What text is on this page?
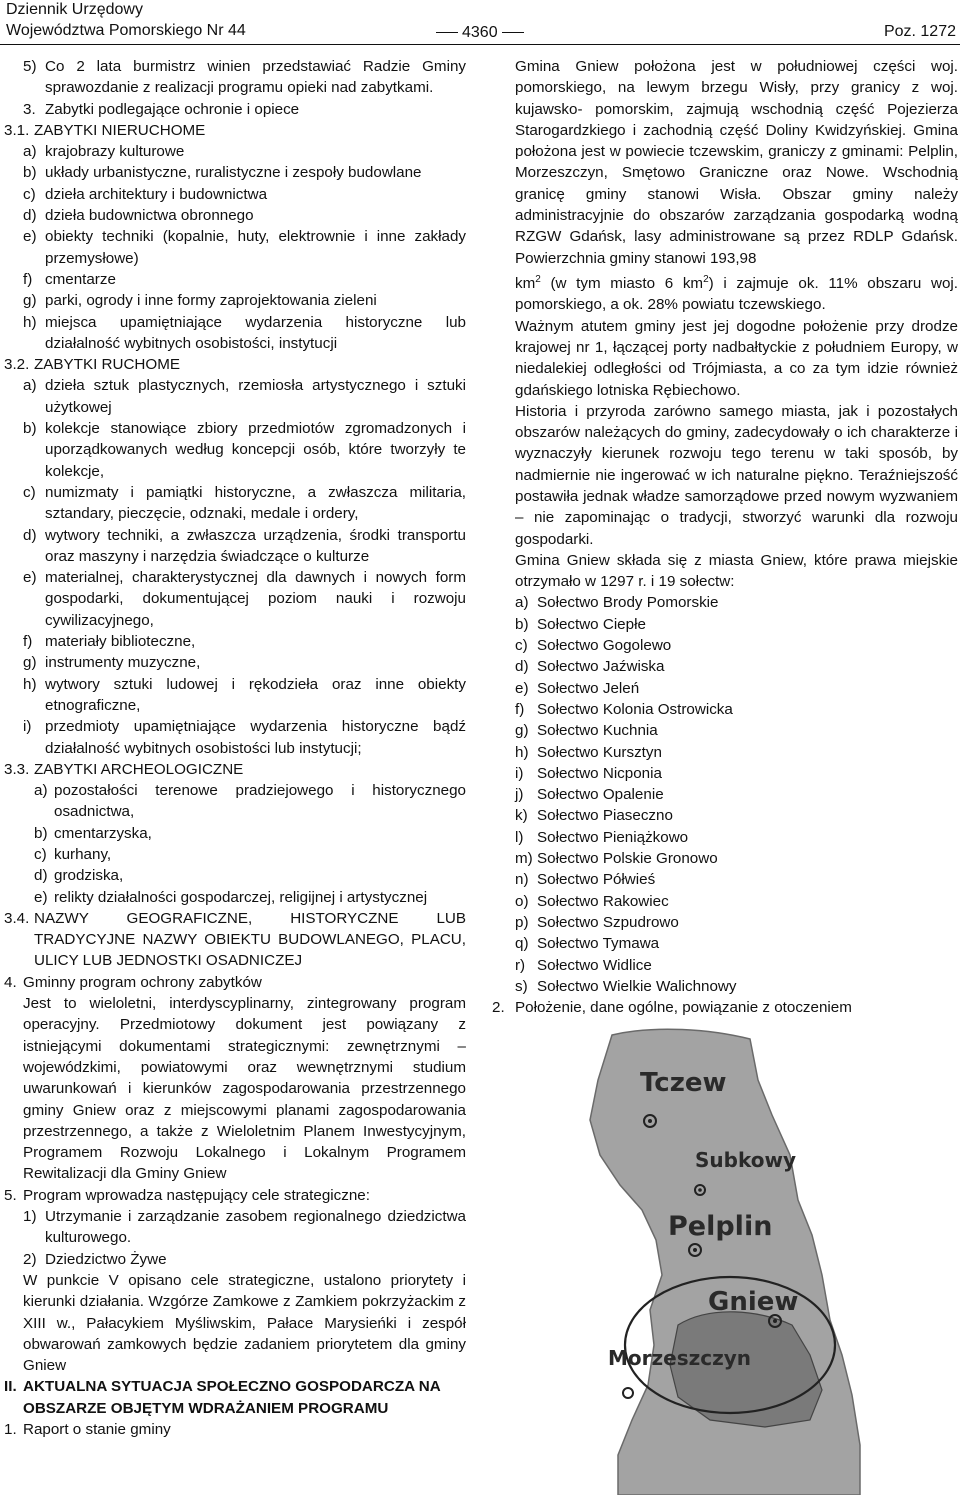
Dziennik Urzędowy
Województwa Pomorskiego Nr 44	4360	Poz. 1272
5) Co 2 lata burmistrz winien przedstawiać Radzie Gminy sprawozdanie z realizacji programu opieki nad zabytkami.
3. Zabytki podlegające ochronie i opiece
3.1. ZABYTKI NIERUCHOME
a) krajobrazy kulturowe
b) układy urbanistyczne, ruralistyczne i zespoły budowlane
c) dzieła architektury i budownictwa
d) dzieła budownictwa obronnego
e) obiekty techniki (kopalnie, huty, elektrownie i inne zakłady przemysłowe)
f) cmentarze
g) parki, ogrody i inne formy zaprojektowania zieleni
h) miejsca upamiętniające wydarzenia historyczne lub działalność wybitnych osobistości, instytucji
3.2. ZABYTKI RUCHOME
a) dzieła sztuk plastycznych, rzemiosła artystycznego i sztuki użytkowej
b) kolekcje stanowiące zbiory przedmiotów zgromadzonych i uporządkowanych według koncepcji osób, które tworzyły te kolekcje,
c) numizmaty i pamiątki historyczne, a zwłaszcza militaria, sztandary, pieczęcie, odznaki, medale i ordery,
d) wytwory techniki, a zwłaszcza urządzenia, środki transportu oraz maszyny i narzędzia świadczące o kulturze
e) materialnej, charakterystycznej dla dawnych i nowych form gospodarki, dokumentującej poziom nauki i rozwoju cywilizacyjnego,
f) materiały biblioteczne,
g) instrumenty muzyczne,
h) wytwory sztuki ludowej i rękodzieła oraz inne obiekty etnograficzne,
i) przedmioty upamiętniające wydarzenia historyczne bądź działalność wybitnych osobistości lub instytucji;
3.3. ZABYTKI ARCHEOLOGICZNE
a) pozostałości terenowe pradziejowego i historycznego osadnictwa,
b) cmentarzyska,
c) kurhany,
d) grodziska,
e) relikty działalności gospodarczej, religijnej i artystycznej
3.4. NAZWY GEOGRAFICZNE, HISTORYCZNE LUB TRADYCYJNE NAZWY OBIEKTU BUDOWLANEGO, PLACU, ULICY LUB JEDNOSTKI OSADNICZEJ
4. Gminny program ochrony zabytków
Jest to wieloletni, interdyscyplinarny, zintegrowany program operacyjny. Przedmiotowy dokument jest powiązany z istniejącymi dokumentami strategicznymi: zewnętrznymi – wojewódzkimi, powiatowymi oraz wewnętrznymi studium uwarunkowań i kierunków zagospodarowania przestrzennego gminy Gniew oraz z miejscowymi planami zagospodarowania przestrzennego, a także z Wieloletnim Planem Inwestycyjnym, Programem Rozwoju Lokalnego i Lokalnym Programem Rewitalizacji dla Gminy Gniew
5. Program wprowadza następujący cele strategiczne:
1) Utrzymanie i zarządzanie zasobem regionalnego dziedzictwa kulturowego.
2) Dziedzictwo Żywe
W punkcie V opisano cele strategiczne, ustalono priorytety i kierunki działania. Wzgórze Zamkowe z Zamkiem pokrzyżackim z XIII w., Pałacykiem Myśliwskim, Pałace Marysieńki i zespół obwarowań zamkowych będzie zadaniem priorytetem dla gminy Gniew
II. AKTUALNA SYTUACJA SPOŁECZNO GOSPODARCZA NA OBSZARZE OBJĘTYM WDRAŻANIEM PROGRAMU
1. Raport o stanie gminy
Gmina Gniew położona jest w południowej części woj. pomorskiego, na lewym brzegu Wisły, przy granicy z woj. kujawsko- pomorskim, zajmują wschodnią część Pojezierza Starogardzkiego i zachodnią część Doliny Kwidzyńskiej. Gmina położona jest w powiecie tczewskim, graniczy z gminami: Pelplin, Morzeszczyn, Smętowo Graniczne oraz Nowe. Wschodnią granicę gminy stanowi Wisła. Obszar gminy należy administracyjnie do obszarów zarządzania gospodarką wodną RZGW Gdańsk, lasy administrowane są przez RDLP Gdańsk. Powierzchnia gminy stanowi 193,98
$km^2$ (w tym miasto 6 $km^2$) i zajmuje ok. 11% obszaru woj. pomorskiego, a ok. 28% powiatu tczewskiego.
Ważnym atutem gminy jest jej dogodne położenie przy drodze krajowej nr 1, łączącej porty nadbałtyckie z południem Europy, w niedalekiej odległości od Trójmiasta, a co za tym idzie również gdańskiego lotniska Rębiechowo.
Historia i przyroda zarówno samego miasta, jak i pozostałych obszarów należących do gminy, zadecydowały o ich charakterze i wyznaczyły kierunek rozwoju tego terenu w taki sposób, by nadmiernie nie ingerować w ich naturalne piękno. Teraźniejszość postawiła jednak władze samorządowe przed nowym wyzwaniem – nie zapominając o tradycji, stworzyć warunki dla rozwoju gospodarki.
Gmina Gniew składa się z miasta Gniew, które prawa miejskie otrzymało w 1297 r. i 19 sołectw:
a) Sołectwo Brody Pomorskie
b) Sołectwo Ciepłe
c) Sołectwo Gogolewo
d) Sołectwo Jaźwiska
e) Sołectwo Jeleń
f) Sołectwo Kolonia Ostrowicka
g) Sołectwo Kuchnia
h) Sołectwo Kursztyn
i) Sołectwo Nicponia
j) Sołectwo Opalenie
k) Sołectwo Piaseczno
l) Sołectwo Pieniążkowo
m) Sołectwo Polskie Gronowo
n) Sołectwo Półwieś
o) Sołectwo Rakowiec
p) Sołectwo Szpudrowo
q) Sołectwo Tymawa
r) Sołectwo Widlice
s) Sołectwo Wielkie Walichnowy
2. Położenie, dane ogólne, powiązanie z otoczeniem
Tczew
Subkowy
Pelplin
Gniew
Morzeszczyn
